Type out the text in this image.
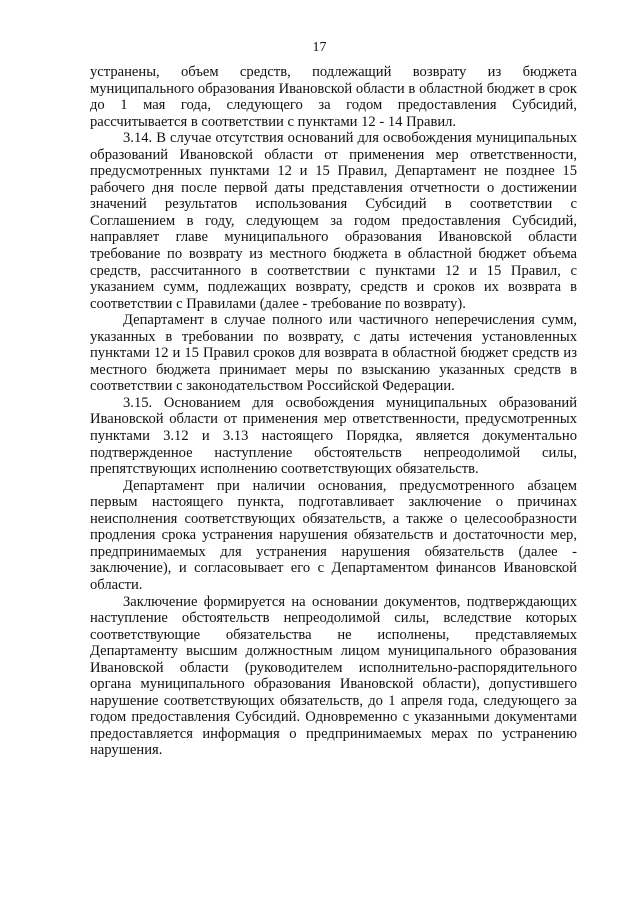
17

устранены, объем средств, подлежащий возврату из бюджета муниципального образования Ивановской области в областной бюджет в срок до 1 мая года, следующего за годом предоставления Субсидий, рассчитывается в соответствии с пунктами 12 - 14 Правил.

3.14. В случае отсутствия оснований для освобождения муниципальных образований Ивановской области от применения мер ответственности, предусмотренных пунктами 12 и 15 Правил, Департамент не позднее 15 рабочего дня после первой даты представления отчетности о достижении значений результатов использования Субсидий в соответствии с Соглашением в году, следующем за годом предоставления Субсидий, направляет главе муниципального образования Ивановской области требование по возврату из местного бюджета в областной бюджет объема средств, рассчитанного в соответствии с пунктами 12 и 15 Правил, с указанием сумм, подлежащих возврату, средств и сроков их возврата в соответствии с Правилами (далее - требование по возврату).

Департамент в случае полного или частичного неперечисления сумм, указанных в требовании по возврату, с даты истечения установленных пунктами 12 и 15 Правил сроков для возврата в областной бюджет средств из местного бюджета принимает меры по взысканию указанных средств в соответствии с законодательством Российской Федерации.

3.15. Основанием для освобождения муниципальных образований Ивановской области от применения мер ответственности, предусмотренных пунктами 3.12 и 3.13 настоящего Порядка, является документально подтвержденное наступление обстоятельств непреодолимой силы, препятствующих исполнению соответствующих обязательств.

Департамент при наличии основания, предусмотренного абзацем первым настоящего пункта, подготавливает заключение о причинах неисполнения соответствующих обязательств, а также о целесообразности продления срока устранения нарушения обязательств и достаточности мер, предпринимаемых для устранения нарушения обязательств (далее - заключение), и согласовывает его с Департаментом финансов Ивановской области.

Заключение формируется на основании документов, подтверждающих наступление обстоятельств непреодолимой силы, вследствие которых соответствующие обязательства не исполнены, представляемых Департаменту высшим должностным лицом муниципального образования Ивановской области (руководителем исполнительно-распорядительного органа муниципального образования Ивановской области), допустившего нарушение соответствующих обязательств, до 1 апреля года, следующего за годом предоставления Субсидий. Одновременно с указанными документами предоставляется информация о предпринимаемых мерах по устранению нарушения.
